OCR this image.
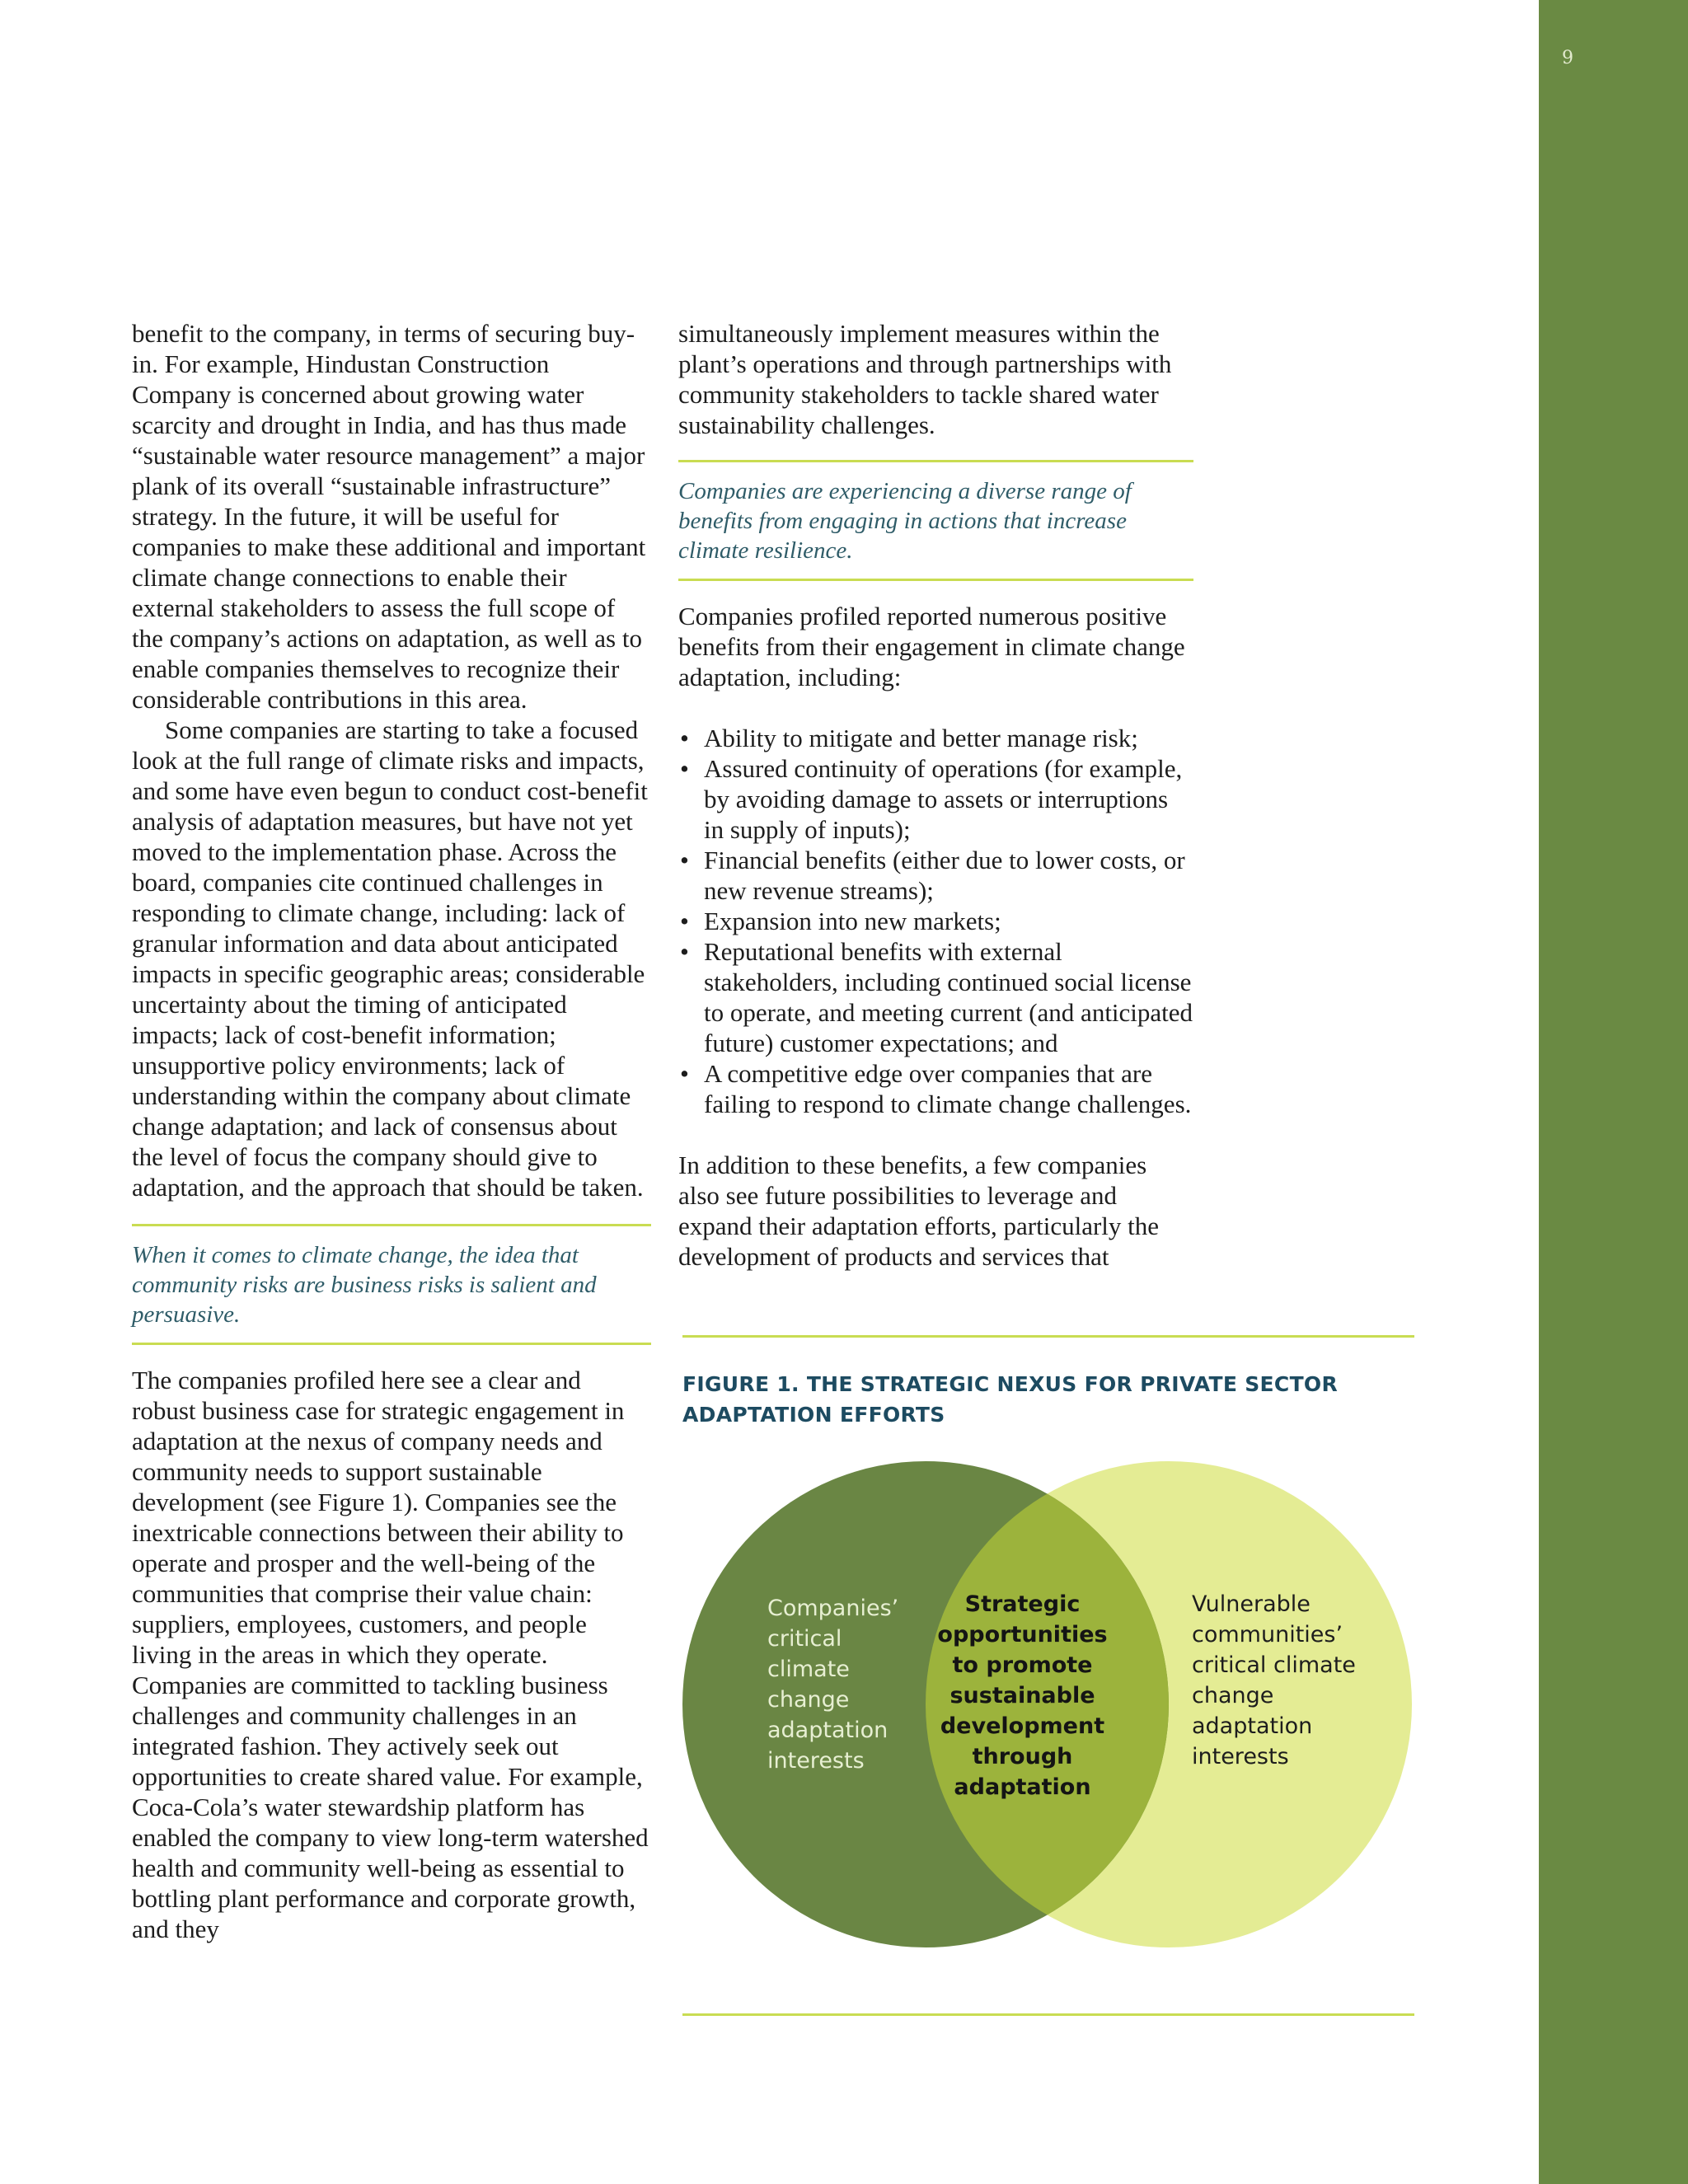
9

benefit to the company, in terms of securing buy-in. For example, Hindustan Construction Company is concerned about growing water scarcity and drought in India, and has thus made “sustainable water resource management” a major plank of its overall “sustainable infrastructure” strategy. In the future, it will be useful for companies to make these additional and important climate change connections to enable their external stakeholders to assess the full scope of the company’s actions on adaptation, as well as to enable companies themselves to recognize their considerable contributions in this area.

Some companies are starting to take a focused look at the full range of climate risks and impacts, and some have even begun to conduct cost-benefit analysis of adaptation measures, but have not yet moved to the implementation phase. Across the board, companies cite continued challenges in responding to climate change, including: lack of granular information and data about anticipated impacts in specific geographic areas; considerable uncertainty about the timing of anticipated impacts; lack of cost-benefit information; unsupportive policy environments; lack of understanding within the company about climate change adaptation; and lack of consensus about the level of focus the company should give to adaptation, and the approach that should be taken.

When it comes to climate change, the idea that community risks are business risks is salient and persuasive.

The companies profiled here see a clear and robust business case for strategic engagement in adaptation at the nexus of company needs and community needs to support sustainable development (see Figure 1). Companies see the inextricable connections between their ability to operate and prosper and the well-being of the communities that comprise their value chain: suppliers, employees, customers, and people living in the areas in which they operate. Companies are committed to tackling business challenges and community challenges in an integrated fashion. They actively seek out opportunities to create shared value. For example, Coca-Cola’s water stewardship platform has enabled the company to view long-term watershed health and community well-being as essential to bottling plant performance and corporate growth, and they

simultaneously implement measures within the plant’s operations and through partnerships with community stakeholders to tackle shared water sustainability challenges.

Companies are experiencing a diverse range of benefits from engaging in actions that increase climate resilience.

Companies profiled reported numerous positive benefits from their engagement in climate change adaptation, including:

• Ability to mitigate and better manage risk;
• Assured continuity of operations (for example, by avoiding damage to assets or interruptions in supply of inputs);
• Financial benefits (either due to lower costs, or new revenue streams);
• Expansion into new markets;
• Reputational benefits with external stakeholders, including continued social license to operate, and meeting current (and anticipated future) customer expectations; and
• A competitive edge over companies that are failing to respond to climate change challenges.

In addition to these benefits, a few companies also see future possibilities to leverage and expand their adaptation efforts, particularly the development of products and services that

FIGURE 1. THE STRATEGIC NEXUS FOR PRIVATE SECTOR ADAPTATION EFFORTS
Companies’ critical climate change adaptation interests
Strategic opportunities to promote sustainable development through adaptation
Vulnerable communities’ critical climate change adaptation interests
